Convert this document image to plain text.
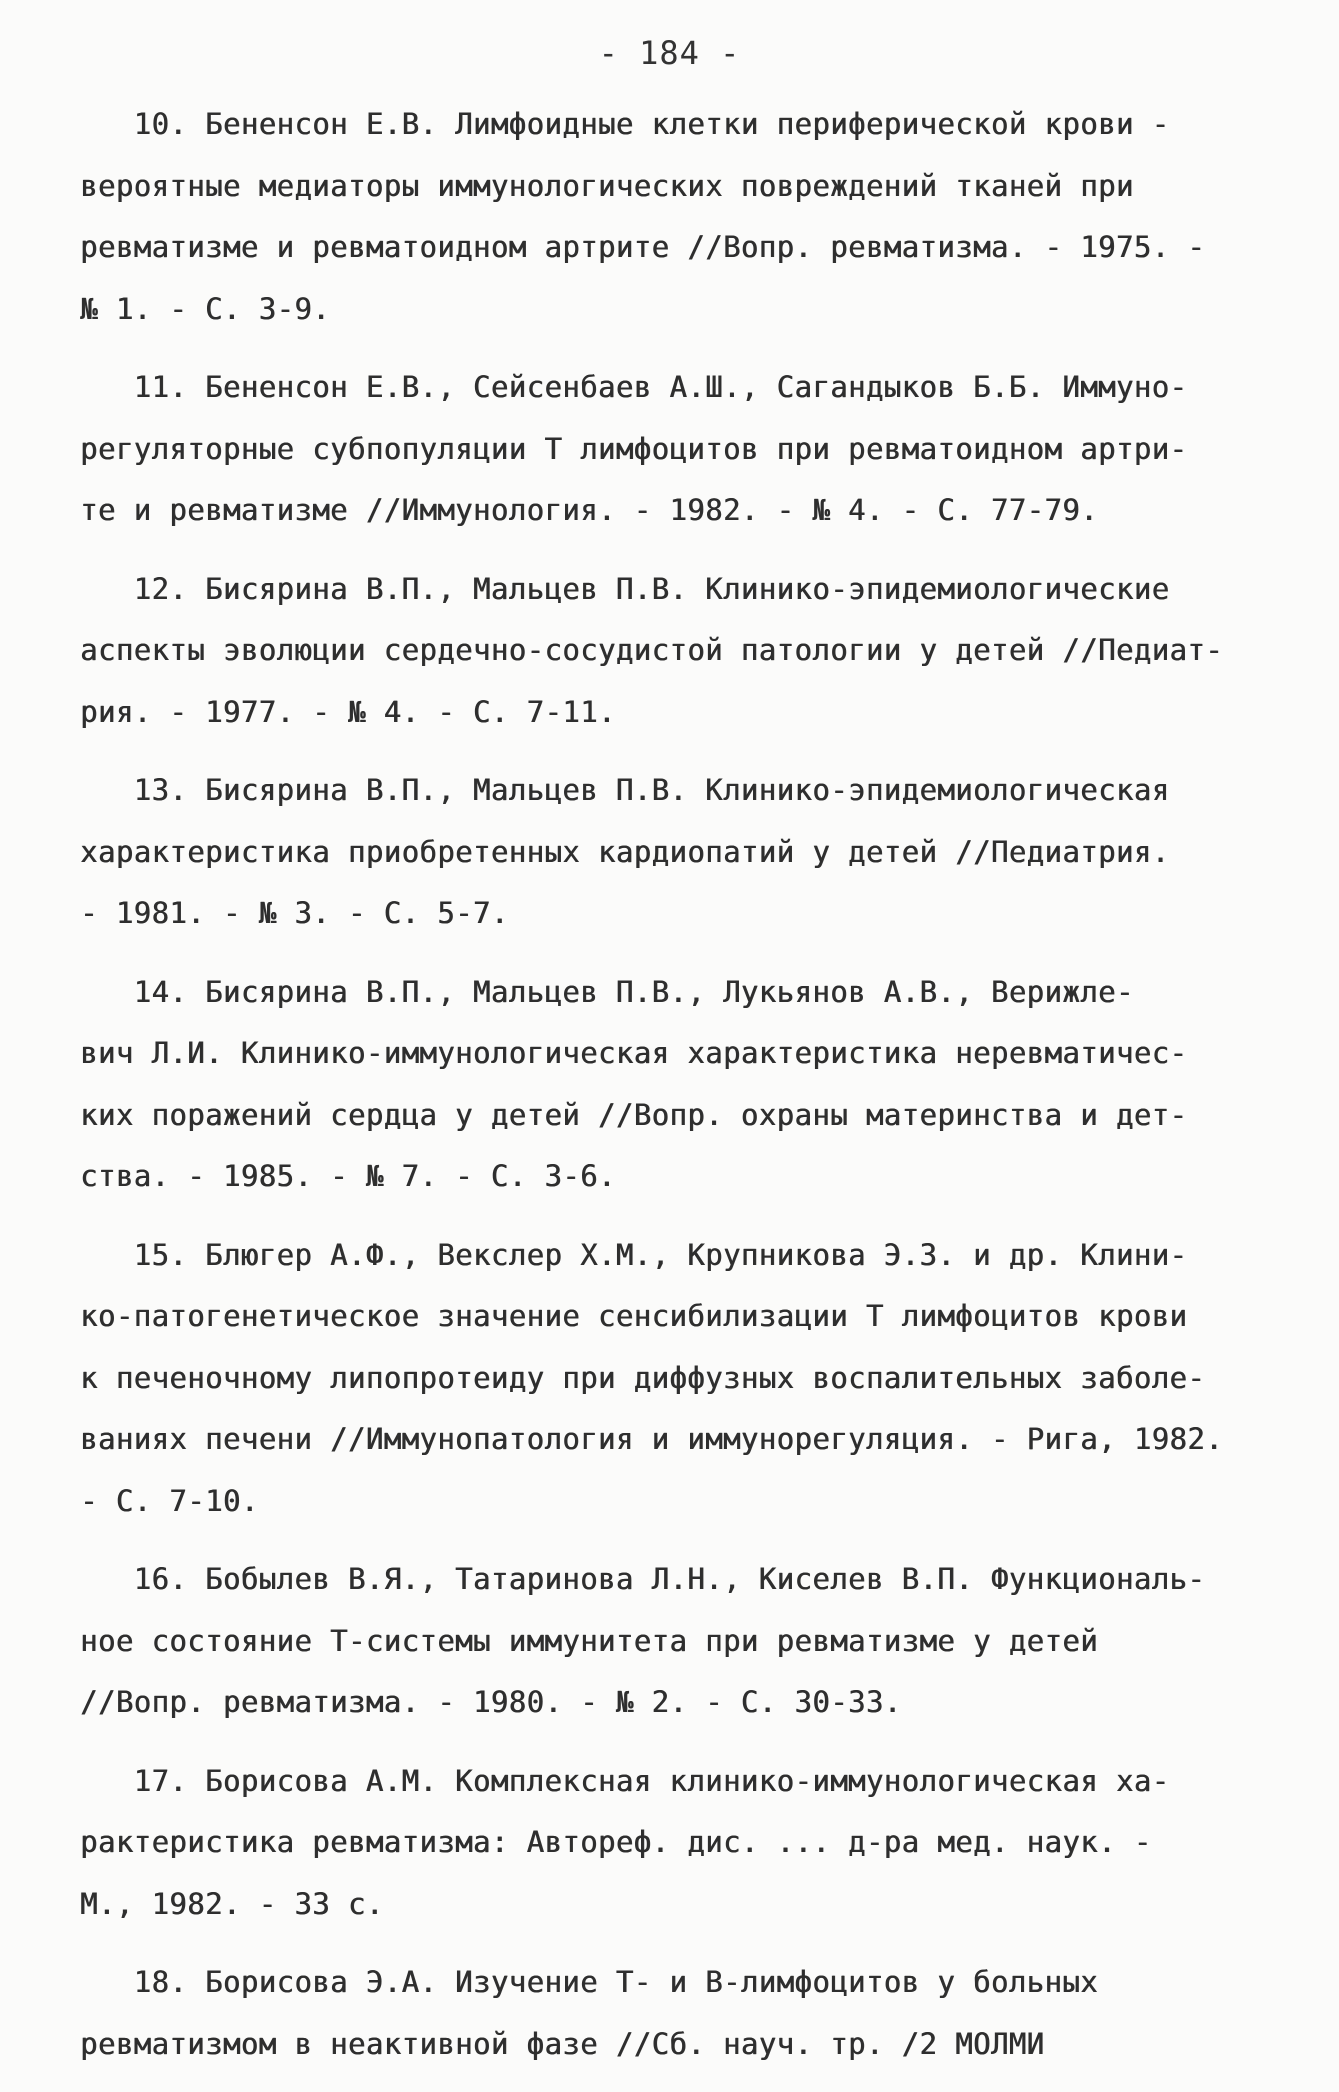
- 184 -
10. Бененсон Е.В. Лимфоидные клетки периферической крови -
вероятные медиаторы иммунологических повреждений тканей при
ревматизме и ревматоидном артрите //Вопр. ревматизма. - 1975. -
№ 1. - С. 3-9.
11. Бененсон Е.В., Сейсенбаев А.Ш., Сагандыков Б.Б. Иммуно-
регуляторные субпопуляции Т лимфоцитов при ревматоидном артри-
те и ревматизме //Иммунология. - 1982. - № 4. - С. 77-79.
12. Бисярина В.П., Мальцев П.В. Клинико-эпидемиологические
аспекты эволюции сердечно-сосудистой патологии у детей //Педиат-
рия. - 1977. - № 4. - С. 7-11.
13. Бисярина В.П., Мальцев П.В. Клинико-эпидемиологическая
характеристика приобретенных кардиопатий у детей //Педиатрия.
- 1981. - № 3. - С. 5-7.
14. Бисярина В.П., Мальцев П.В., Лукьянов А.В., Верижле-
вич Л.И. Клинико-иммунологическая характеристика неревматичес-
ких поражений сердца у детей //Вопр. охраны материнства и дет-
ства. - 1985. - № 7. - С. 3-6.
15. Блюгер А.Ф., Векслер Х.М., Крупникова Э.З. и др. Клини-
ко-патогенетическое значение сенсибилизации Т лимфоцитов крови
к печеночному липопротеиду при диффузных воспалительных заболе-
ваниях печени //Иммунопатология и иммунорегуляция. - Рига, 1982.
- С. 7-10.
16. Бобылев В.Я., Татаринова Л.Н., Киселев В.П. Функциональ-
ное состояние Т-системы иммунитета при ревматизме у детей
//Вопр. ревматизма. - 1980. - № 2. - С. 30-33.
17. Борисова А.М. Комплексная клинико-иммунологическая ха-
рактеристика ревматизма: Автореф. дис. ... д-ра мед. наук. -
М., 1982. - 33 с.
18. Борисова Э.А. Изучение Т- и В-лимфоцитов у больных
ревматизмом в неактивной фазе //Сб. науч. тр. /2 МОЛМИ
